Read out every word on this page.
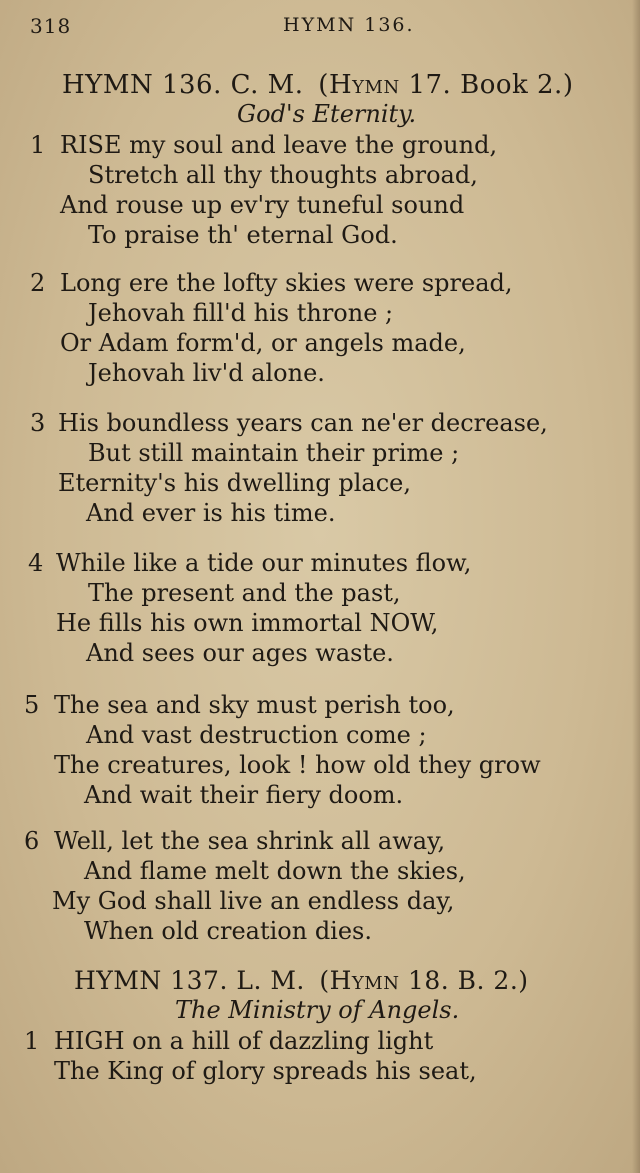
318	HYMN 136.
HYMN 136. C. M. (Hymn 17. Book 2.)
God's Eternity.
1 RISE my soul and leave the ground,
Stretch all thy thoughts abroad,
And rouse up ev'ry tuneful sound
To praise th' eternal God.
2 Long ere the lofty skies were spread,
Jehovah fill'd his throne ;
Or Adam form'd, or angels made,
Jehovah liv'd alone.
3 His boundless years can ne'er decrease,
But still maintain their prime ;
Eternity's his dwelling place,
And ever is his time.
4 While like a tide our minutes flow,
The present and the past,
He fills his own immortal NOW,
And sees our ages waste.
5 The sea and sky must perish too,
And vast destruction come ;
The creatures, look ! how old they grow
And wait their fiery doom.
6 Well, let the sea shrink all away,
And flame melt down the skies,
My God shall live an endless day,
When old creation dies.
HYMN 137. L. M. (Hymn 18. B. 2.)
The Ministry of Angels.
1 HIGH on a hill of dazzling light
The King of glory spreads his seat,
